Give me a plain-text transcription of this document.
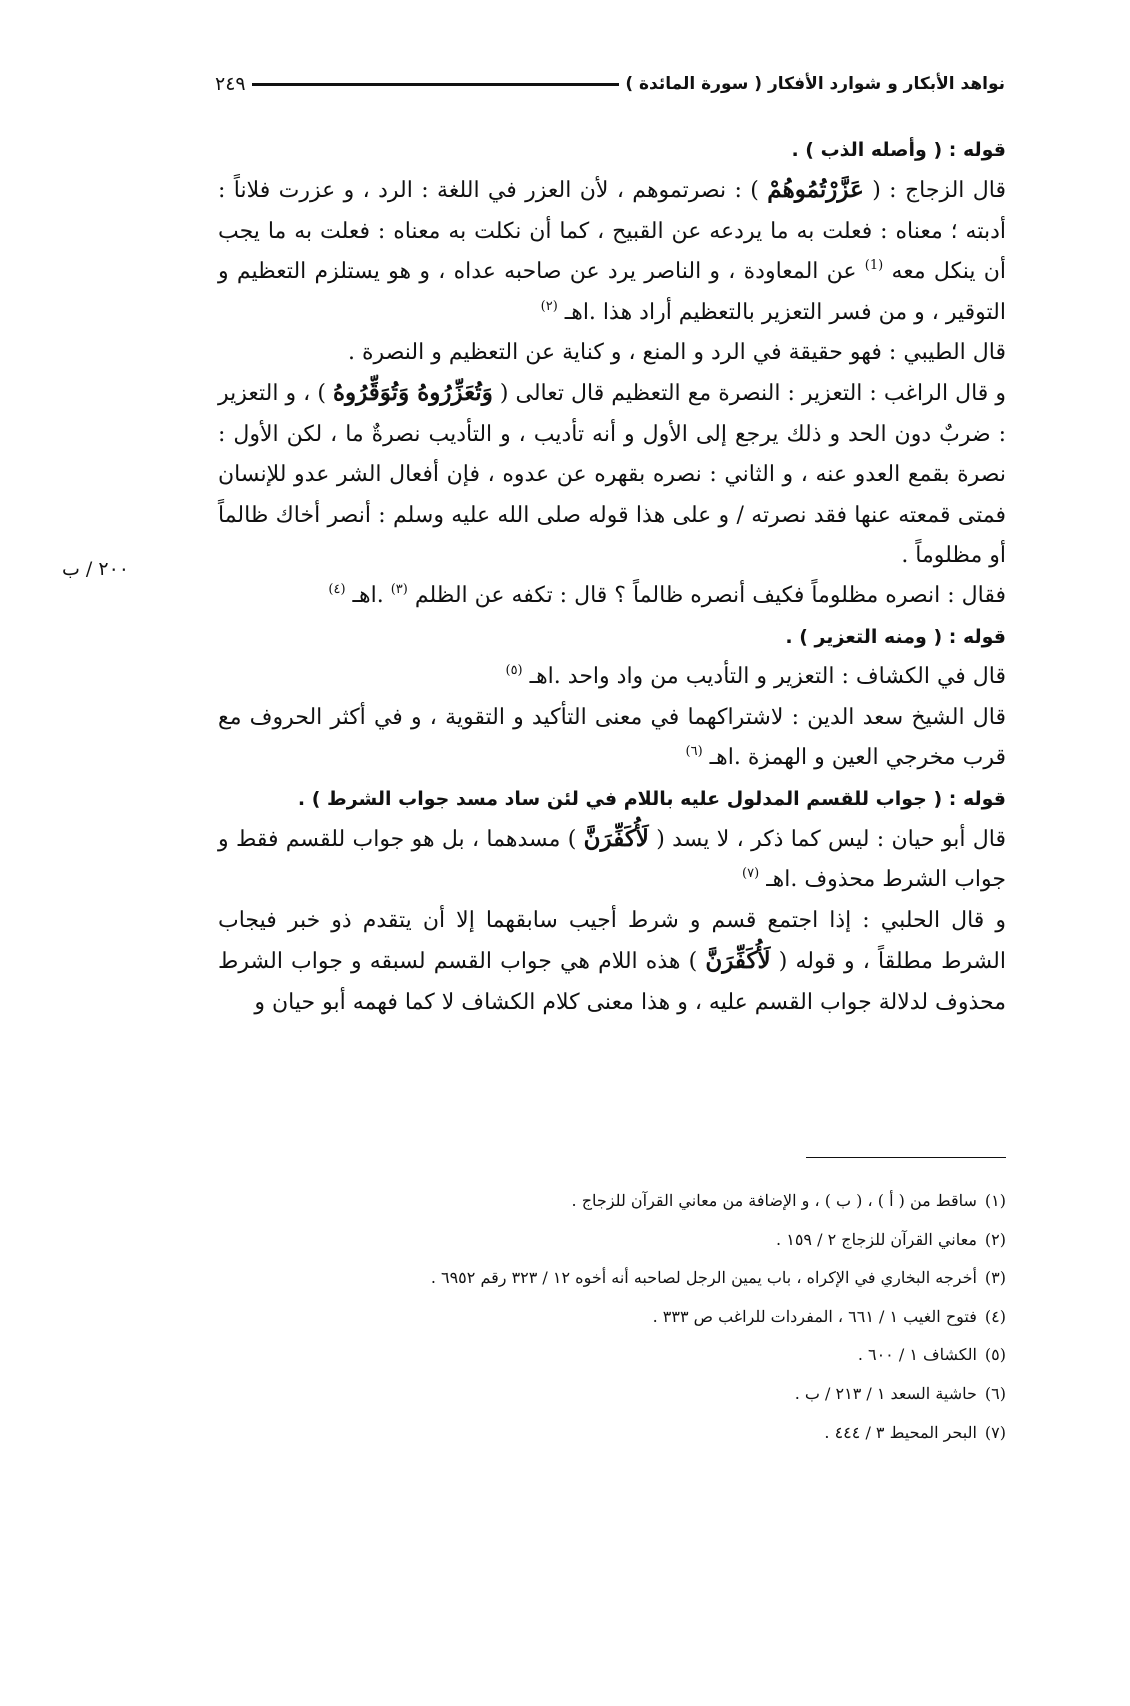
نواهد الأبكار و شوارد الأفكار ( سورة المائدة )
٢٤٩
٢٠٠ / ب

قوله : ( وأصله الذب ) .

قال الزجاج : ( عَزَّرْتُمُوهُمْ ) : نصرتموهم ، لأن العزر في اللغة : الرد ، و عزرت فلاناً : أدبته ؛ معناه : فعلت به ما يردعه عن القبيح ، كما أن نكلت به معناه : فعلت به ما يجب أن ينكل معه $^{(1)}$ عن المعاودة ، و الناصر يرد عن صاحبه عداه ، و هو يستلزم التعظيم و التوقير ، و من فسر التعزير بالتعظيم أراد هذا .اهـ $^{(٢)}$

قال الطيبي : فهو حقيقة في الرد و المنع ، و كناية عن التعظيم و النصرة .

و قال الراغب : التعزير : النصرة مع التعظيم قال تعالى ( وَتُعَزِّرُوهُ وَتُوَقِّرُوهُ ) ، و التعزير : ضربٌ دون الحد و ذلك يرجع إلى الأول و أنه تأديب ، و التأديب نصرةٌ ما ، لكن الأول : نصرة بقمع العدو عنه ، و الثاني : نصره بقهره عن عدوه ، فإن أفعال الشر عدو للإنسان فمتى قمعته عنها فقد نصرته / و على هذا قوله صلى الله عليه وسلم : أنصر أخاك ظالماً أو مظلوماً .

فقال : انصره مظلوماً فكيف أنصره ظالماً ؟ قال : تكفه عن الظلم $^{(٣)}$ .اهـ $^{(٤)}$

قوله : ( ومنه التعزير ) .

قال في الكشاف : التعزير و التأديب من واد واحد .اهـ $^{(٥)}$

قال الشيخ سعد الدين : لاشتراكهما في معنى التأكيد و التقوية ، و في أكثر الحروف مع قرب مخرجي العين و الهمزة .اهـ $^{(٦)}$

قوله : ( جواب للقسم المدلول عليه باللام في لئن ساد مسد جواب الشرط ) .

قال أبو حيان : ليس كما ذكر ، لا يسد ( لَأُكَفِّرَنَّ ) مسدهما ، بل هو جواب للقسم فقط و جواب الشرط محذوف .اهـ $^{(٧)}$

و قال الحلبي : إذا اجتمع قسم و شرط أجيب سابقهما إلا أن يتقدم ذو خبر فيجاب الشرط مطلقاً ، و قوله ( لَأُكَفِّرَنَّ ) هذه اللام هي جواب القسم لسبقه و جواب الشرط محذوف لدلالة جواب القسم عليه ، و هذا معنى كلام الكشاف لا كما فهمه أبو حيان و

(١)
ساقط من ( أ ) ، ( ب ) ، و الإضافة من معاني القرآن للزجاج .
(٢)
معاني القرآن للزجاج ٢ / ١٥٩ .
(٣)
أخرجه البخاري في الإكراه ، باب يمين الرجل لصاحبه أنه أخوه ١٢ / ٣٢٣ رقم ٦٩٥٢ .
(٤)
فتوح الغيب ١ / ٦٦١ ، المفردات للراغب ص ٣٣٣ .
(٥)
الكشاف ١ / ٦٠٠ .
(٦)
حاشية السعد ١ / ٢١٣ / ب .
(٧)
البحر المحيط ٣ / ٤٤٤ .
